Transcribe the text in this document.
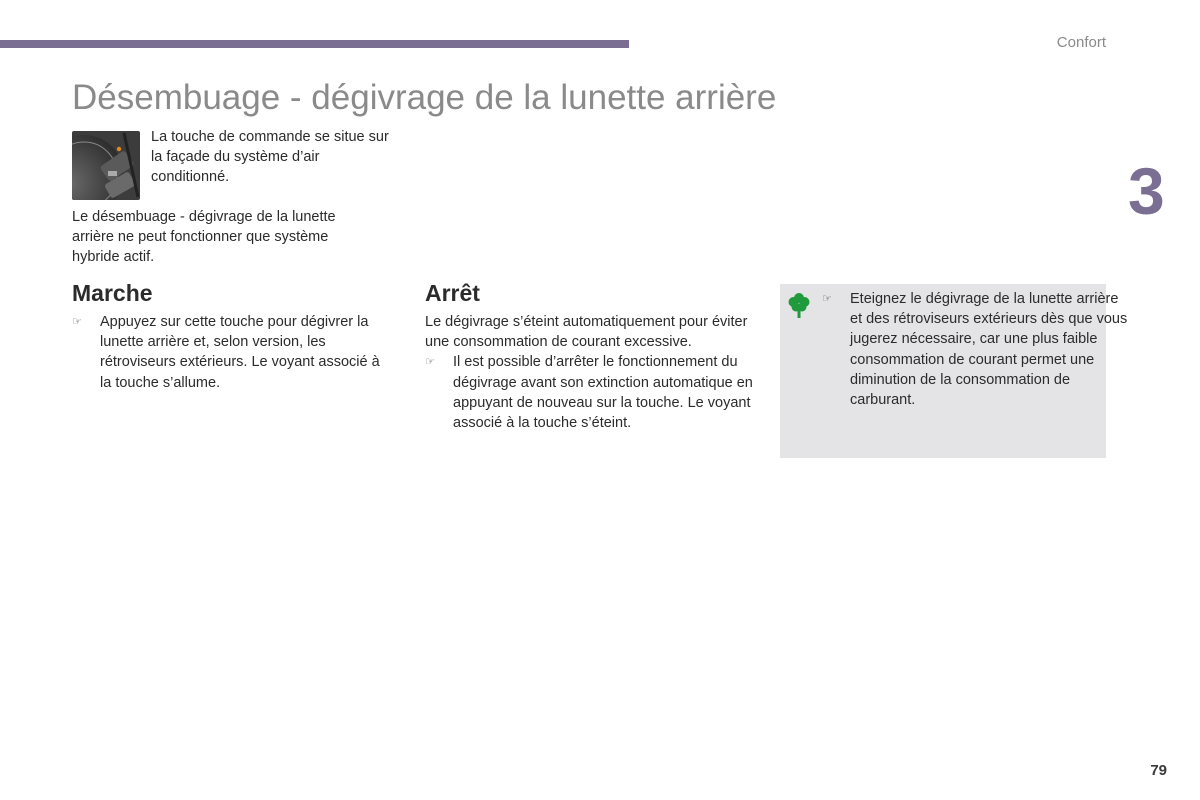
Confort
3
Désembuage - dégivrage de la lunette arrière

La touche de commande se situe sur la façade du système d’air conditionné.

Le désembuage - dégivrage de la lunette arrière ne peut fonctionner que système hybride actif.

Marche

☞ Appuyez sur cette touche pour dégivrer la lunette arrière et, selon version, les rétroviseurs extérieurs. Le voyant associé à la touche s’allume.

Arrêt

Le dégivrage s’éteint automatiquement pour éviter une consommation de courant excessive.

☞ Il est possible d’arrêter le fonctionnement du dégivrage avant son extinction automatique en appuyant de nouveau sur la touche. Le voyant associé à la touche s’éteint.

☞ Eteignez le dégivrage de la lunette arrière et des rétroviseurs extérieurs dès que vous jugerez nécessaire, car une plus faible consommation de courant permet une diminution de la consommation de carburant.

79
